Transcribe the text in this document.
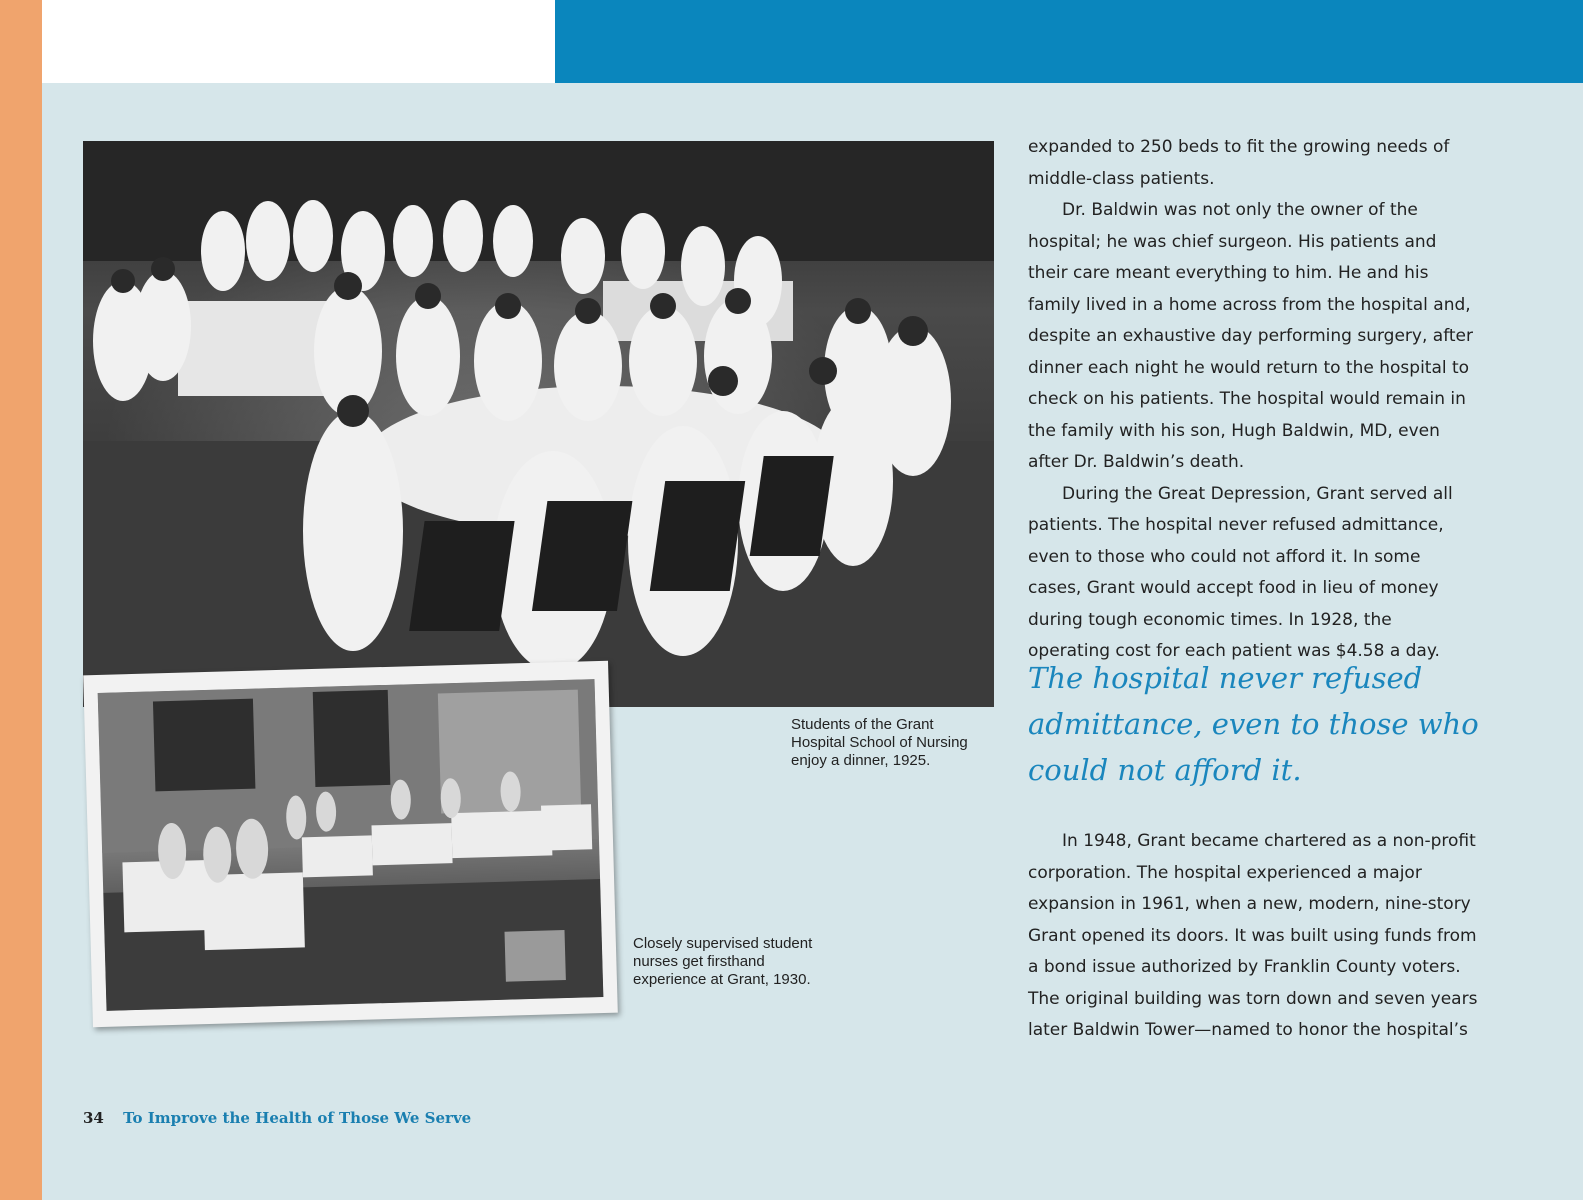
Students of the Grant
Hospital School of Nursing
enjoy a dinner, 1925.
Closely supervised student
nurses get firsthand
experience at Grant, 1930.

expanded to 250 beds to fit the growing needs of middle-class patients.

Dr. Baldwin was not only the owner of the hospital; he was chief surgeon. His patients and their care meant everything to him. He and his family lived in a home across from the hospital and, despite an exhaustive day performing surgery, after dinner each night he would return to the hospital to check on his patients. The hospital would remain in the family with his son, Hugh Baldwin, MD, even after Dr. Baldwin’s death.

During the Great Depression, Grant served all patients. The hospital never refused admittance, even to those who could not afford it. In some cases, Grant would accept food in lieu of money during tough economic times. In 1928, the operating cost for each patient was $4.58 a day.

The hospital never refused
admittance, even to those who
could not afford it.

In 1948, Grant became chartered as a non-profit corporation. The hospital experienced a major expansion in 1961, when a new, modern, nine-story Grant opened its doors. It was built using funds from a bond issue authorized by Franklin County voters. The original building was torn down and seven years later Baldwin Tower—named to honor the hospital’s

34 To Improve the Health of Those We Serve
